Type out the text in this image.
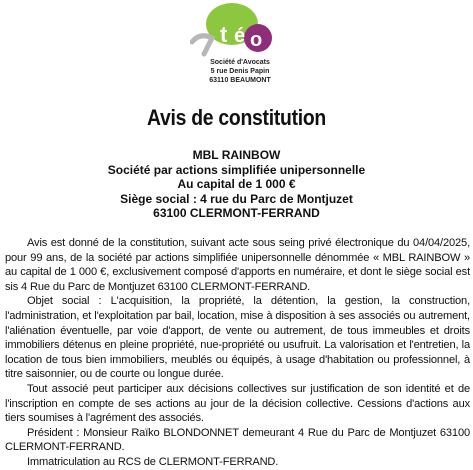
t é o
Société d'Avocats
5 rue Denis Papin
63110 BEAUMONT
Avis de constitution
MBL RAINBOW
Société par actions simplifiée unipersonnelle
Au capital de 1 000 €
Siège social : 4 rue du Parc de Montjuzet
63100 CLERMONT-FERRAND

Avis est donné de la constitution, suivant acte sous seing privé électronique du 04/04/2025, pour 99 ans, de la société par actions simplifiée unipersonnelle dénommée « MBL RAINBOW » au capital de 1 000 €, exclusivement composé d'apports en numéraire, et dont le siège social est sis 4 Rue du Parc de Montjuzet 63100 CLERMONT-FERRAND.

Objet social : L'acquisition, la propriété, la détention, la gestion, la construction, l'administration, et l'exploitation par bail, location, mise à disposition à ses associés ou autrement, l'aliénation éventuelle, par voie d'apport, de vente ou autrement, de tous immeubles et droits immobiliers détenus en pleine propriété, nue-propriété ou usufruit. La valorisation et l'entretien, la location de tous bien immobiliers, meublés ou équipés, à usage d'habitation ou professionnel, à titre saisonnier, ou de courte ou longue durée.

Tout associé peut participer aux décisions collectives sur justification de son identité et de l'inscription en compte de ses actions au jour de la décision collective. Cessions d'actions aux tiers soumises à l'agrément des associés.

Président : Monsieur Raïko BLONDONNET demeurant 4 Rue du Parc de Montjuzet 63100 CLERMONT-FERRAND.

Immatriculation au RCS de CLERMONT-FERRAND.
